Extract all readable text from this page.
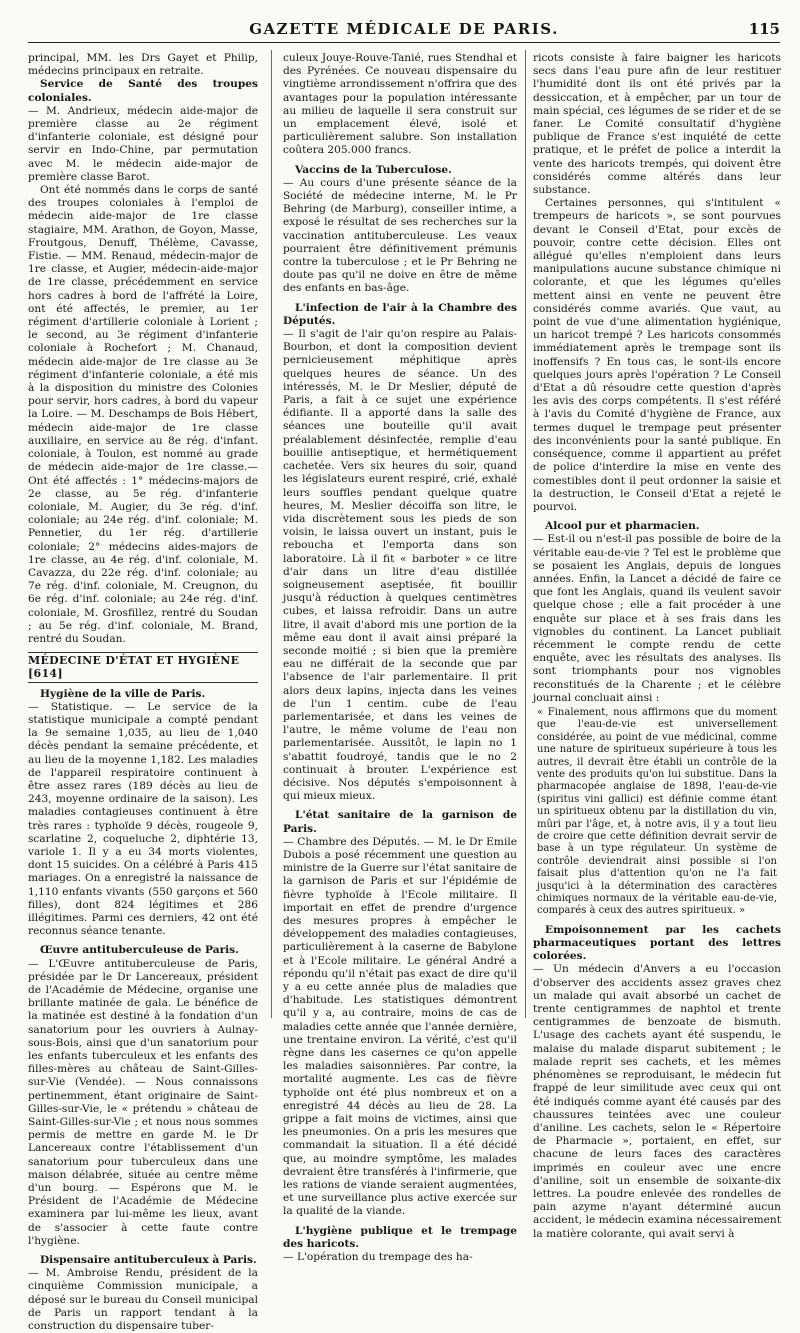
GAZETTE MÉDICALE DE PARIS.	115

principal, MM. les Drs Gayet et Philip, médecins principaux en retraite.

Service de Santé des troupes coloniales.

— M. Andrieux, médecin aide-major de première classe au 2e régiment d'infanterie coloniale, est désigné pour servir en Indo-Chine, par permutation avec M. le médecin aide-major de première classe Barot.

Ont été nommés dans le corps de santé des troupes coloniales à l'emploi de médecin aide-major de 1re classe stagiaire, MM. Arathon, de Goyon, Masse, Froutgous, Denuff, Thélème, Cavasse, Fistie. — MM. Renaud, médecin-major de 1re classe, et Augier, médecin-aide-major de 1re classe, précédemment en service hors cadres à bord de l'affrété la Loire, ont été affectés, le premier, au 1er régiment d'artillerie coloniale à Lorient ; le second, au 3e régiment d'infanterie coloniale à Rochefort ; M. Chanaud, médecin aide-major de 1re classe au 3e régiment d'infanterie coloniale, a été mis à la disposition du ministre des Colonies pour servir, hors cadres, à bord du vapeur la Loire. — M. Deschamps de Bois Hébert, médecin aide-major de 1re classe auxiliaire, en service au 8e rég. d'infant. coloniale, à Toulon, est nommé au grade de médecin aide-major de 1re classe.— Ont été affectés : 1° médecins-majors de 2e classe, au 5e rég. d'infanterie coloniale, M. Augier, du 3e rég. d'inf. coloniale; au 24e rég. d'inf. coloniale; M. Pennetier, du 1er rég. d'artillerie coloniale; 2° médecins aides-majors de 1re classe, au 4e rég. d'inf. coloniale, M. Cavazza, du 22e rég. d'inf. coloniale; au 7e rég. d'inf. coloniale, M. Creugnon, du 6e rég. d'inf. coloniale; au 24e rég. d'inf. coloniale, M. Grosfillez, rentré du Soudan ; au 5e rég. d'inf. coloniale, M. Brand, rentré du Soudan.

MÉDECINE D'ÉTAT ET HYGIÈNE [614]

Hygiène de la ville de Paris.

— Statistique. — Le service de la statistique municipale a compté pendant la 9e semaine 1,035, au lieu de 1,040 décès pendant la semaine précédente, et au lieu de la moyenne 1,182. Les maladies de l'appareil respiratoire continuent à être assez rares (189 décès au lieu de 243, moyenne ordinaire de la saison). Les maladies contagieuses continuent à être très rares : typhoïde 9 décès, rougeole 9, scarlatine 2, coqueluche 2, diphtérie 13, variole 1. Il y a eu 34 morts violentes, dont 15 suicides. On a célébré à Paris 415 mariages. On a enregistré la naissance de 1,110 enfants vivants (550 garçons et 560 filles), dont 824 légitimes et 286 illégitimes. Parmi ces derniers, 42 ont été reconnus séance tenante.

Œuvre antituberculeuse de Paris.

— L'Œuvre antituberculeuse de Paris, présidée par le Dr Lancereaux, président de l'Académie de Médecine, organise une brillante matinée de gala. Le bénéfice de la matinée est destiné à la fondation d'un sanatorium pour les ouvriers à Aulnay-sous-Bois, ainsi que d'un sanatorium pour les enfants tuberculeux et les enfants des filles-mères au château de Saint-Gilles-sur-Vie (Vendée). — Nous connaissons pertinemment, étant originaire de Saint-Gilles-sur-Vie, le « prétendu » château de Saint-Gilles-sur-Vie ; et nous nous sommes permis de mettre en garde M. le Dr Lancereaux contre l'établissement d'un sanatorium pour tuberculeux dans une maison délabrée, située au centre même d'un bourg. — Espérons que M. le Président de l'Académie de Médecine examinera par lui-même les lieux, avant de s'associer à cette faute contre l'hygiène.

Dispensaire antituberculeux à Paris.

— M. Ambroise Rendu, président de la cinquième Commission municipale, a déposé sur le bureau du Conseil municipal de Paris un rapport tendant à la construction du dispensaire tuber-

culeux Jouye-Rouve-Tanié, rues Stendhal et des Pyrénées. Ce nouveau dispensaire du vingtième arrondissement n'offrira que des avantages pour la population intéressante au milieu de laquelle il sera construit sur un emplacement élevé, isolé et particulièrement salubre. Son installation coûtera 205.000 francs.

Vaccins de la Tuberculose.

— Au cours d'une présente séance de la Société de médecine interne, M. le Pr Behring (de Marburg), conseiller intime, a exposé le résultat de ses recherches sur la vaccination antituberculeuse. Les veaux pourraient être définitivement prémunis contre la tuberculose ; et le Pr Behring ne doute pas qu'il ne doive en être de même des enfants en bas-âge.

L'infection de l'air à la Chambre des Députés.

— Il s'agit de l'air qu'on respire au Palais-Bourbon, et dont la composition devient pernicieusement méphitique après quelques heures de séance. Un des intéressés, M. le Dr Meslier, député de Paris, a fait à ce sujet une expérience édifiante. Il a apporté dans la salle des séances une bouteille qu'il avait préalablement désinfectée, remplie d'eau bouillie antiseptique, et hermétiquement cachetée. Vers six heures du soir, quand les législateurs eurent respiré, crié, exhalé leurs souffles pendant quelque quatre heures, M. Meslier décoiffa son litre, le vida discrètement sous les pieds de son voisin, le laissa ouvert un instant, puis le reboucha et l'emporta dans son laboratoire. Là il fit « barboter » ce litre d'air dans un litre d'eau distillée soigneusement aseptisée, fit bouillir jusqu'à réduction à quelques centimètres cubes, et laissa refroidir. Dans un autre litre, il avait d'abord mis une portion de la même eau dont il avait ainsi préparé la seconde moitié ; si bien que la première eau ne différait de la seconde que par l'absence de l'air parlementaire. Il prit alors deux lapins, injecta dans les veines de l'un 1 centim. cube de l'eau parlementarisée, et dans les veines de l'autre, le même volume de l'eau non parlementarisée. Aussitôt, le lapin no 1 s'abattit foudroyé, tandis que le no 2 continuait à brouter. L'expérience est décisive. Nos députés s'empoisonnent à qui mieux mieux.

L'état sanitaire de la garnison de Paris.

— Chambre des Députés. — M. le Dr Emile Dubois a posé récemment une question au ministre de la Guerre sur l'état sanitaire de la garnison de Paris et sur l'épidémie de fièvre typhoïde à l'Ecole militaire. Il importait en effet de prendre d'urgence des mesures propres à empêcher le développement des maladies contagieuses, particulièrement à la caserne de Babylone et à l'Ecole militaire. Le général André a répondu qu'il n'était pas exact de dire qu'il y a eu cette année plus de maladies que d'habitude. Les statistiques démontrent qu'il y a, au contraire, moins de cas de maladies cette année que l'année dernière, une trentaine environ. La vérité, c'est qu'il règne dans les casernes ce qu'on appelle les maladies saisonnières. Par contre, la mortalité augmente. Les cas de fièvre typhoïde ont été plus nombreux et on a enregistré 44 décès au lieu de 28. La grippe a fait moins de victimes, ainsi que les pneumonies. On a pris les mesures que commandait la situation. Il a été décidé que, au moindre symptôme, les malades devraient être transférés à l'infirmerie, que les rations de viande seraient augmentées, et une surveillance plus active exercée sur la qualité de la viande.

L'hygiène publique et le trempage des haricots.

— L'opération du trempage des ha-

ricots consiste à faire baigner les haricots secs dans l'eau pure afin de leur restituer l'humidité dont ils ont été privés par la dessiccation, et à empêcher, par un tour de main spécial, ces légumes de se rider et de se faner. Le Comité consultatif d'hygiène publique de France s'est inquiété de cette pratique, et le préfet de police a interdit la vente des haricots trempés, qui doivent être considérés comme altérés dans leur substance.

Certaines personnes, qui s'intitulent « trempeurs de haricots », se sont pourvues devant le Conseil d'Etat, pour excès de pouvoir, contre cette décision. Elles ont allégué qu'elles n'emploient dans leurs manipulations aucune substance chimique ni colorante, et que les légumes qu'elles mettent ainsi en vente ne peuvent être considérés comme avariés. Que vaut, au point de vue d'une alimentation hygiénique, un haricot trempé ? Les haricots consommés immédiatement après le trempage sont ils inoffensifs ? En tous cas, le sont-ils encore quelques jours après l'opération ? Le Conseil d'Etat a dû résoudre cette question d'après les avis des corps compétents. Il s'est référé à l'avis du Comité d'hygiène de France, aux termes duquel le trempage peut présenter des inconvénients pour la santé publique. En conséquence, comme il appartient au préfet de police d'interdire la mise en vente des comestibles dont il peut ordonner la saisie et la destruction, le Conseil d'Etat a rejeté le pourvoi.

Alcool pur et pharmacien.

— Est-il ou n'est-il pas possible de boire de la véritable eau-de-vie ? Tel est le problème que se posaient les Anglais, depuis de longues années. Enfin, la Lancet a décidé de faire ce que font les Anglais, quand ils veulent savoir quelque chose ; elle a fait procéder à une enquête sur place et à ses frais dans les vignobles du continent. La Lancet publiait récemment le compte rendu de cette enquête, avec les résultats des analyses. Ils sont triomphants pour nos vignobles reconstitués de la Charente ; et le célèbre journal concluait ainsi :

« Finalement, nous affirmons que du moment que l'eau-de-vie est universellement considérée, au point de vue médicinal, comme une nature de spiritueux supérieure à tous les autres, il devrait être établi un contrôle de la vente des produits qu'on lui substitue. Dans la pharmacopée anglaise de 1898, l'eau-de-vie (spiritus vini gallici) est définie comme étant un spiritueux obtenu par la distillation du vin, mûri par l'âge, et, à notre avis, il y a tout lieu de croire que cette définition devrait servir de base à un type régulateur. Un système de contrôle deviendrait ainsi possible si l'on faisait plus d'attention qu'on ne l'a fait jusqu'ici à la détermination des caractères chimiques normaux de la véritable eau-de-vie, comparés à ceux des autres spiritueux. »

Empoisonnement par les cachets pharmaceutiques portant des lettres colorées.

— Un médecin d'Anvers a eu l'occasion d'observer des accidents assez graves chez un malade qui avait absorbé un cachet de trente centigrammes de naphtol et trente centigrammes de benzoate de bismuth. L'usage des cachets ayant été suspendu, le malaise du malade disparut subitement ; le malade reprit ses cachets, et les mêmes phénomènes se reproduisant, le médecin fut frappé de leur similitude avec ceux qui ont été indiqués comme ayant été causés par des chaussures teintées avec une couleur d'aniline. Les cachets, selon le « Répertoire de Pharmacie », portaient, en effet, sur chacune de leurs faces des caractères imprimés en couleur avec une encre d'aniline, soit un ensemble de soixante-dix lettres. La poudre enlevée des rondelles de pain azyme n'ayant déterminé aucun accident, le médecin examina nécessairement la matière colorante, qui avait servi à
